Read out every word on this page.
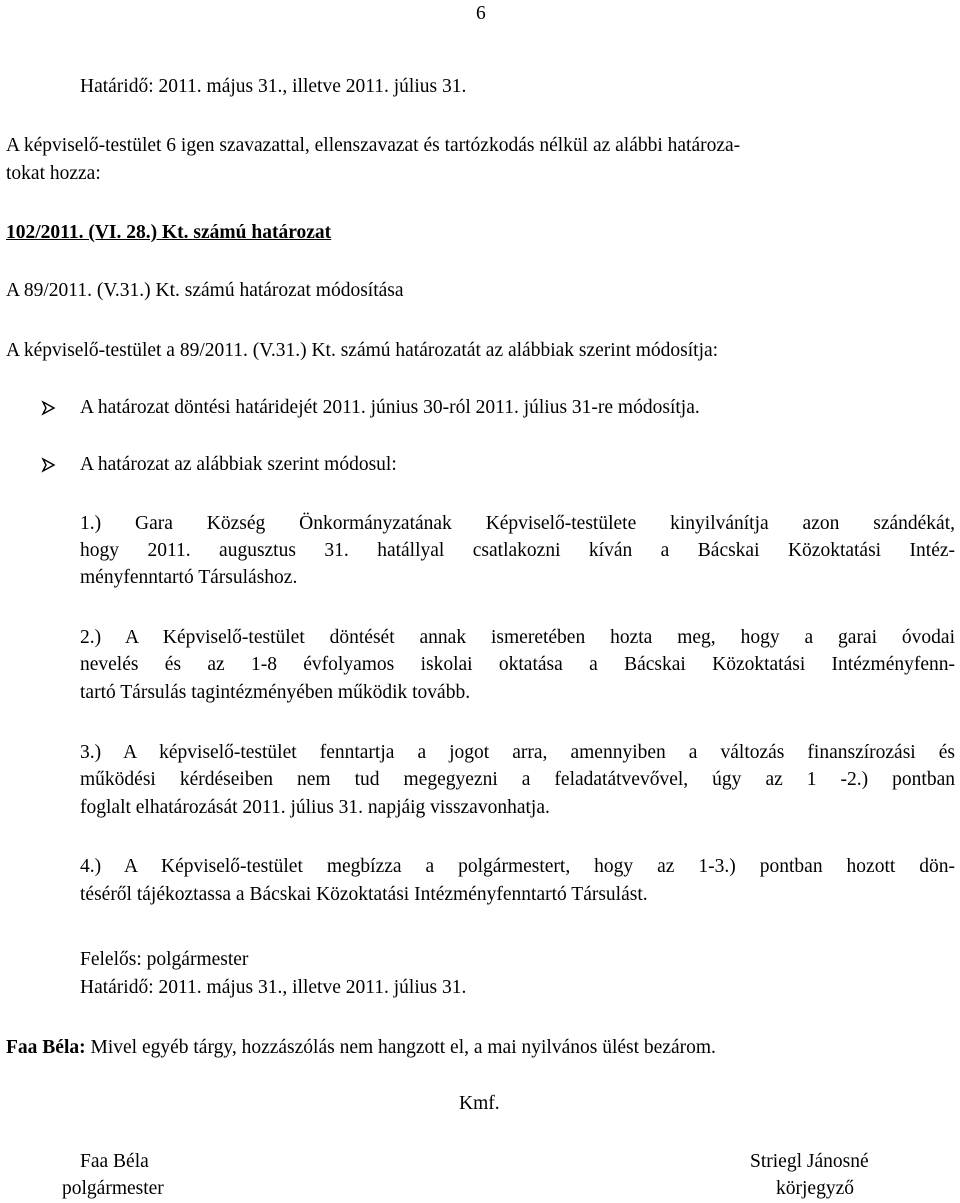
6
Határidő: 2011. május 31., illetve 2011. július 31.
A képviselő-testület 6 igen szavazattal, ellenszavazat és tartózkodás nélkül az alábbi határoza-
tokat hozza:
102/2011. (VI. 28.) Kt. számú határozat
A 89/2011. (V.31.) Kt. számú határozat módosítása
A képviselő-testület a 89/2011. (V.31.) Kt. számú határozatát az alábbiak szerint módosítja:
A határozat döntési határidejét 2011. június 30-ról 2011. július 31-re módosítja.
A határozat az alábbiak szerint módosul:
1.) Gara Község Önkormányzatának Képviselő-testülete kinyilvánítja azon szándékát,
hogy 2011. augusztus 31. hatállyal csatlakozni kíván a Bácskai Közoktatási Intéz-
ményfenntartó Társuláshoz.
2.) A Képviselő-testület döntését annak ismeretében hozta meg, hogy a garai óvodai
nevelés és az 1-8 évfolyamos iskolai oktatása a Bácskai Közoktatási Intézményfenn-
tartó Társulás tagintézményében működik tovább.
3.) A képviselő-testület fenntartja a jogot arra, amennyiben a változás finanszírozási és
működési kérdéseiben nem tud megegyezni a feladatátvevővel, úgy az 1 -2.) pontban
foglalt elhatározását 2011. július 31. napjáig visszavonhatja.
4.) A Képviselő-testület megbízza a polgármestert, hogy az 1-3.) pontban hozott dön-
téséről tájékoztassa a Bácskai Közoktatási Intézményfenntartó Társulást.
Felelős: polgármester
Határidő: 2011. május 31., illetve 2011. július 31.
Faa Béla: Mivel egyéb tárgy, hozzászólás nem hangzott el, a mai nyilvános ülést bezárom.
Kmf.
Faa Béla
polgármester
Striegl Jánosné
körjegyző
